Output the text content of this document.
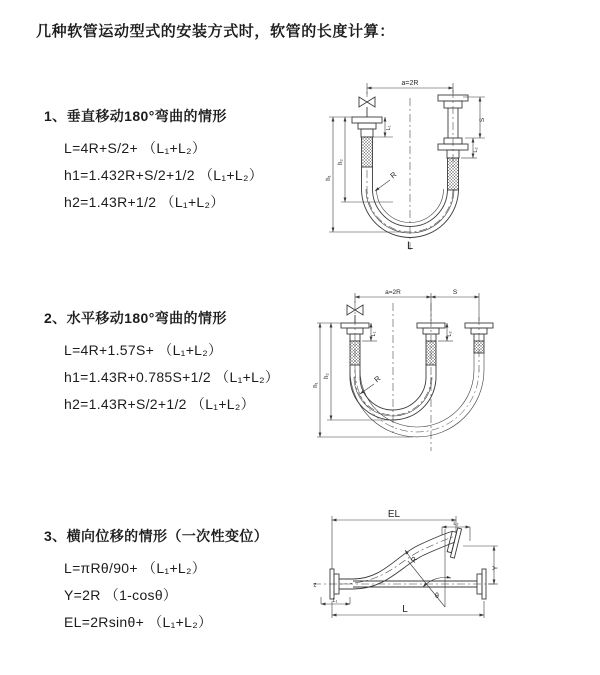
几种软管运动型式的安装方式时，软管的长度计算：
1、垂直移动180°弯曲的情形
L=4R+S/2+ （L₁+L₂）
h1=1.432R+S/2+1/2 （L₁+L₂）
h2=1.43R+1/2 （L₁+L₂）
a=2R
S
L₂
h₁
h₂
L₁
R
L
2、水平移动180°弯曲的情形
L=4R+1.57S+ （L₁+L₂）
h1=1.43R+0.785S+1/2 （L₁+L₂）
h2=1.43R+S/2+1/2 （L₁+L₂）
a=2R	S
h₁
h₂
L₁	L₂
R
3、横向位移的情形（一次性变位）
L=πRθ/90+ （L₁+L₂）
Y=2R （1-cosθ）
EL=2Rsinθ+ （L₁+L₂）
EL
L₂
Y
L
L₁
R
θ
z
